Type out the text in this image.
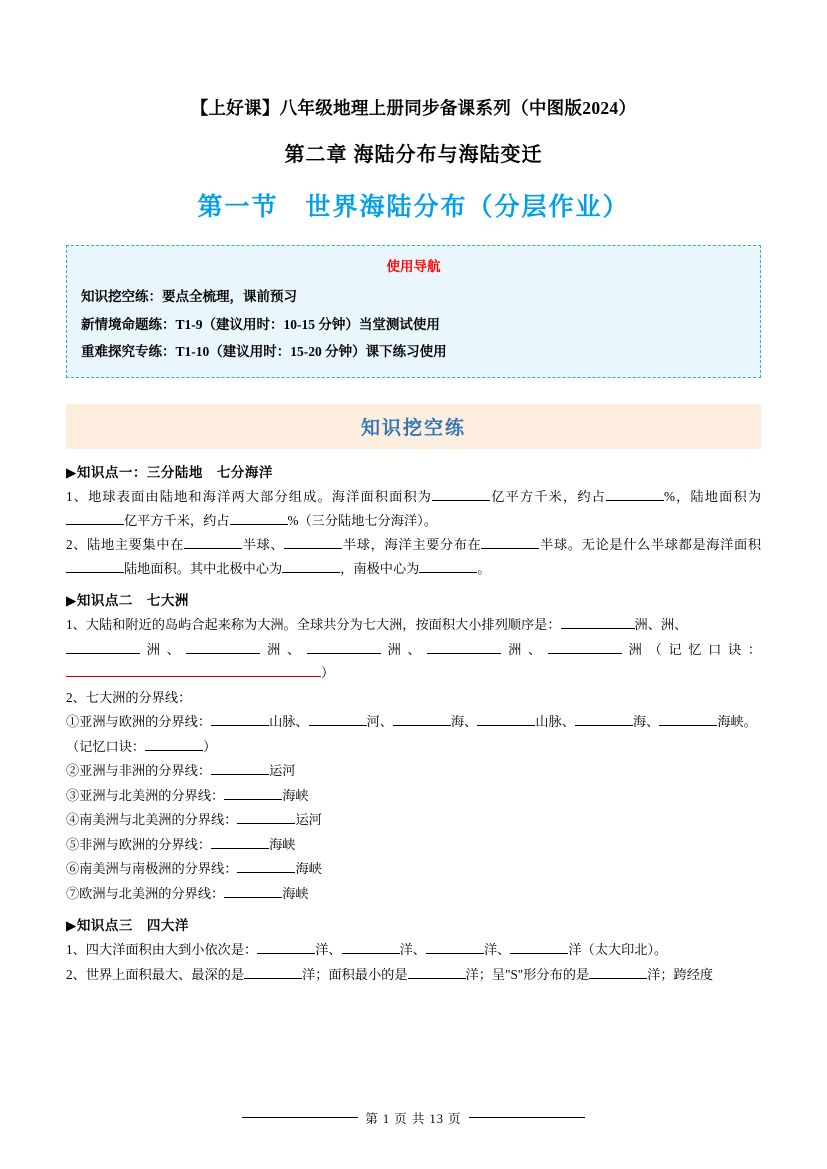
【上好课】八年级地理上册同步备课系列（中图版2024）
第二章 海陆分布与海陆变迁
第一节　世界海陆分布（分层作业）
使用导航
知识挖空练：要点全梳理，课前预习
新情境命题练：T1-9（建议用时：10-15 分钟）当堂测试使用
重难探究专练：T1-10（建议用时：15-20 分钟）课下练习使用
知识挖空练
▶知识点一：三分陆地　七分海洋
1、地球表面由陆地和海洋两大部分组成。海洋面积面积为	亿平方千米，约占	%，陆地面积为亿平方千米，约占	%（三分陆地七分海洋）。
2、陆地主要集中在	半球、	半球，海洋主要分布在	半球。无论是什么半球都是海洋面积陆地面积。其中北极中心为	，南极中心为	。
▶知识点二　七大洲
1、大陆和附近的岛屿合起来称为大洲。全球共分为七大洲，按面积大小排列顺序是：	洲、洲、
洲、	洲、	洲、	洲、	洲（记忆口诀：）
2、七大洲的分界线：
①亚洲与欧洲的分界线：	山脉、	河、	海、	山脉、	海、	海峡。
（记忆口诀：	）
②亚洲与非洲的分界线：	运河
③亚洲与北美洲的分界线：	海峡
④南美洲与北美洲的分界线：	运河
⑤非洲与欧洲的分界线：	海峡
⑥南美洲与南极洲的分界线：	海峡
⑦欧洲与北美洲的分界线：	海峡
▶知识点三　四大洋
1、四大洋面积由大到小依次是：	洋、	洋、	洋、	洋（太大印北）。
2、世界上面积最大、最深的是	洋；面积最小的是	洋；呈"S"形分布的是	洋；跨经度
第 1 页 共 13 页
